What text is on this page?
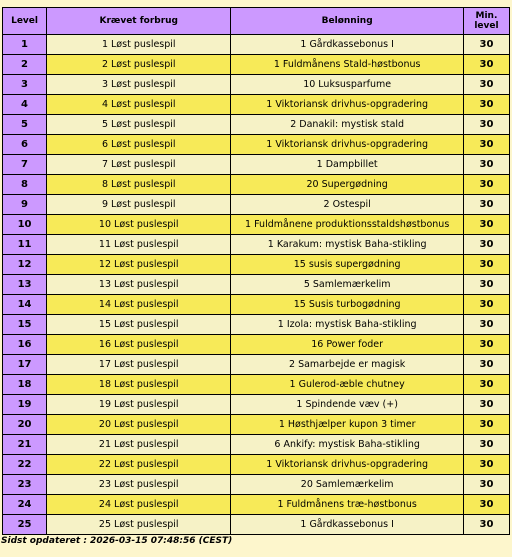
Level	Krævet forbrug	Belønning	Min. level
1	1 Løst puslespil	1 Gårdkassebonus I	30
2	2 Løst puslespil	1 Fuldmånens Stald-høstbonus	30
3	3 Løst puslespil	10 Luksusparfume	30
4	4 Løst puslespil	1 Viktoriansk drivhus-opgradering	30
5	5 Løst puslespil	2 Danakil: mystisk stald	30
6	6 Løst puslespil	1 Viktoriansk drivhus-opgradering	30
7	7 Løst puslespil	1 Dampbillet	30
8	8 Løst puslespil	20 Supergødning	30
9	9 Løst puslespil	2 Ostespil	30
10	10 Løst puslespil	1 Fuldmånene produktionsstaldshøstbonus	30
11	11 Løst puslespil	1 Karakum: mystisk Baha-stikling	30
12	12 Løst puslespil	15 susis supergødning	30
13	13 Løst puslespil	5 Samlemærkelim	30
14	14 Løst puslespil	15 Susis turbogødning	30
15	15 Løst puslespil	1 Izola: mystisk Baha-stikling	30
16	16 Løst puslespil	16 Power foder	30
17	17 Løst puslespil	2 Samarbejde er magisk	30
18	18 Løst puslespil	1 Gulerod-æble chutney	30
19	19 Løst puslespil	1 Spindende væv (+)	30
20	20 Løst puslespil	1 Høsthjælper kupon 3 timer	30
21	21 Løst puslespil	6 Ankify: mystisk Baha-stikling	30
22	22 Løst puslespil	1 Viktoriansk drivhus-opgradering	30
23	23 Løst puslespil	20 Samlemærkelim	30
24	24 Løst puslespil	1 Fuldmånens træ-høstbonus	30
25	25 Løst puslespil	1 Gårdkassebonus I	30
Sidst opdateret : 2026-03-15 07:48:56 (CEST)
